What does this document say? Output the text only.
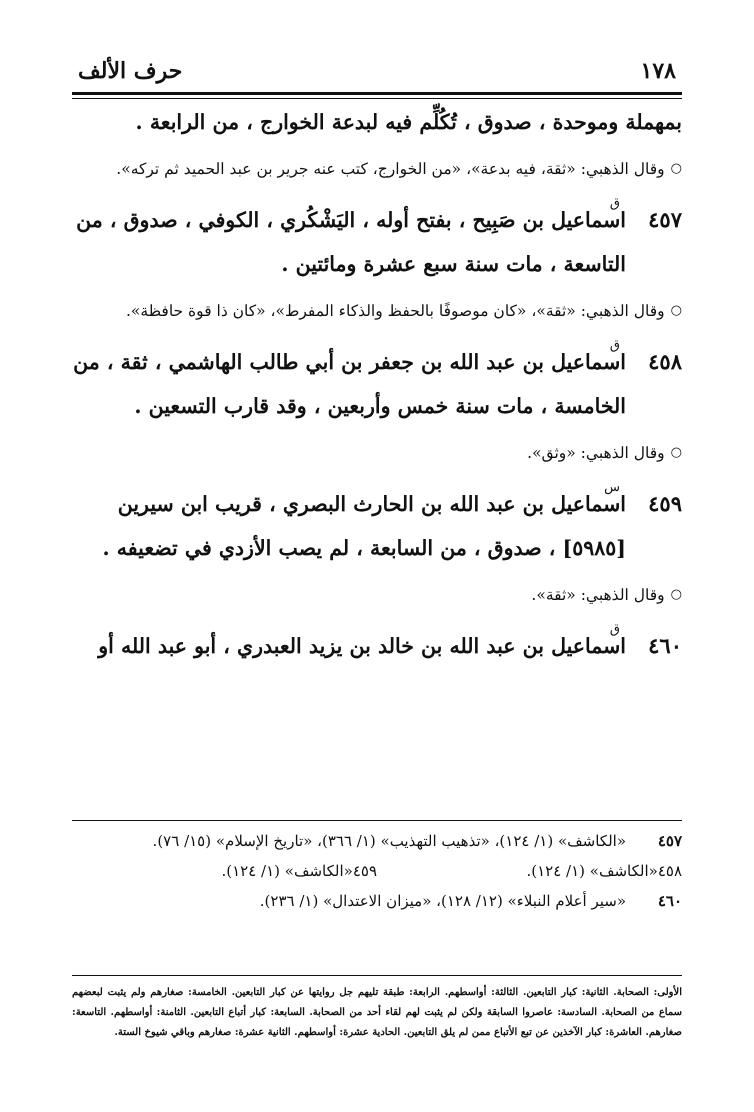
١٧٨
حرف الألف
بمهملة وموحدة ، صدوق ، تُكُلِّم فيه لبدعة الخوارج ، من الرابعة .
○
وقال الذهبي: «ثقة، فيه بدعة»، «من الخوارج، كتب عنه جرير بن عبد الحميد ثم تركه».
٤٥٧
ق
اسماعيل بن صَبِيح ، بفتح أوله ، اليَشْكُري ، الكوفي ، صدوق ، من التاسعة ، مات سنة سبع عشرة ومائتين .
○
وقال الذهبي: «ثقة»، «كان موصوفًا بالحفظ والذكاء المفرط»، «كان ذا قوة حافظة».
٤٥٨
ق
اسماعيل بن عبد الله بن جعفر بن أبي طالب الهاشمي ، ثقة ، من الخامسة ، مات سنة خمس وأربعين ، وقد قارب التسعين .
○
وقال الذهبي: «وثق».
٤٥٩
س
اسماعيل بن عبد الله بن الحارث البصري ، قريب ابن سيرين [٥٩٨٥] ، صدوق ، من السابعة ، لم يصب الأزدي في تضعيفه .
○
وقال الذهبي: «ثقة».
٤٦٠
ق
اسماعيل بن عبد الله بن خالد بن يزيد العبدري ، أبو عبد الله أو
٤٥٧
«الكاشف» (١/ ١٢٤)، «تذهيب التهذيب» (١/ ٣٦٦)، «تاريخ الإسلام» (١٥/ ٧٦).
٤٥٨
«الكاشف» (١/ ١٢٤).
٤٥٩
«الكاشف» (١/ ١٢٤).
٤٦٠
«سير أعلام النبلاء» (١٢/ ١٢٨)، «ميزان الاعتدال» (١/ ٢٣٦).
الأولى: الصحابة. الثانية: كبار التابعين. الثالثة: أواسطهم. الرابعة: طبقة تليهم جل روايتها عن كبار التابعين. الخامسة: صغارهم ولم يثبت لبعضهم سماع من الصحابة. السادسة: عاصروا السابقة ولكن لم يثبت لهم لقاء أحد من الصحابة. السابعة: كبار أتباع التابعين. الثامنة: أواسطهم. التاسعة: صغارهم. العاشرة: كبار الآخذين عن تبع الأتباع ممن لم يلق التابعين. الحادية عشرة: أواسطهم. الثانية عشرة: صغارهم وباقي شيوخ الستة.
